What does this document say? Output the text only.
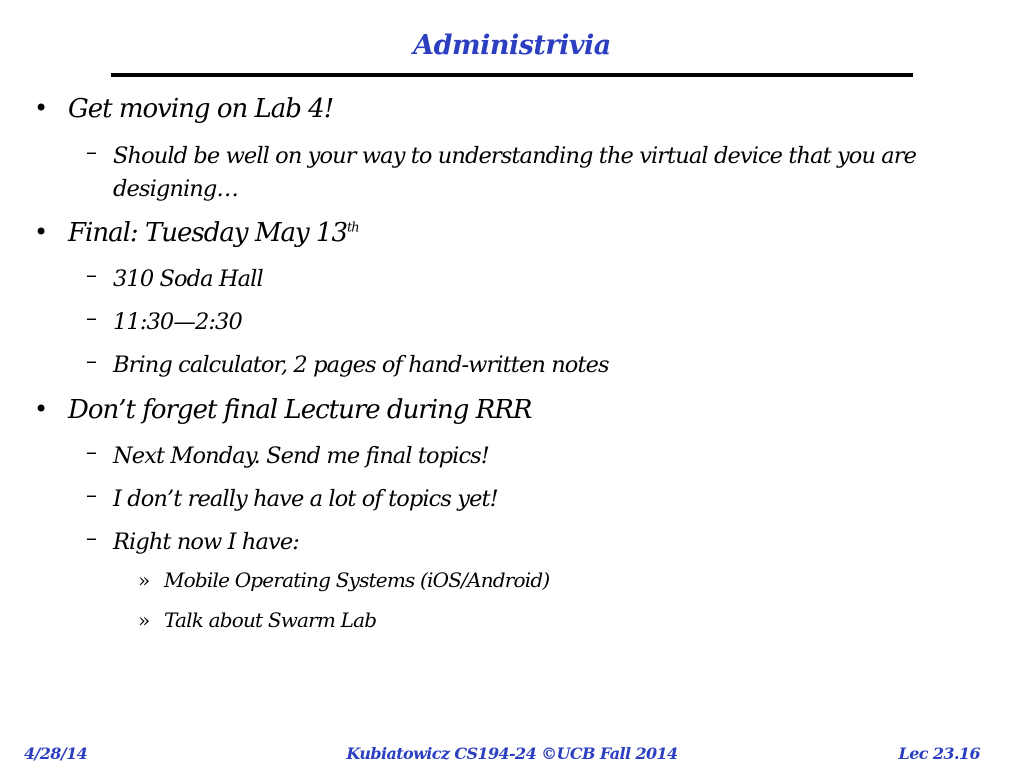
Administrivia
• Get moving on Lab 4!
– Should be well on your way to understanding the virtual device that you are
designing…
• Final: Tuesday May 13th
– 310 Soda Hall
– 11:30—2:30
– Bring calculator, 2 pages of hand-written notes
• Don’t forget final Lecture during RRR
– Next Monday. Send me final topics!
– I don’t really have a lot of topics yet!
– Right now I have:
» Mobile Operating Systems (iOS/Android)
» Talk about Swarm Lab
4/28/14	Kubiatowicz CS194-24 ©UCB Fall 2014	Lec 23.16
